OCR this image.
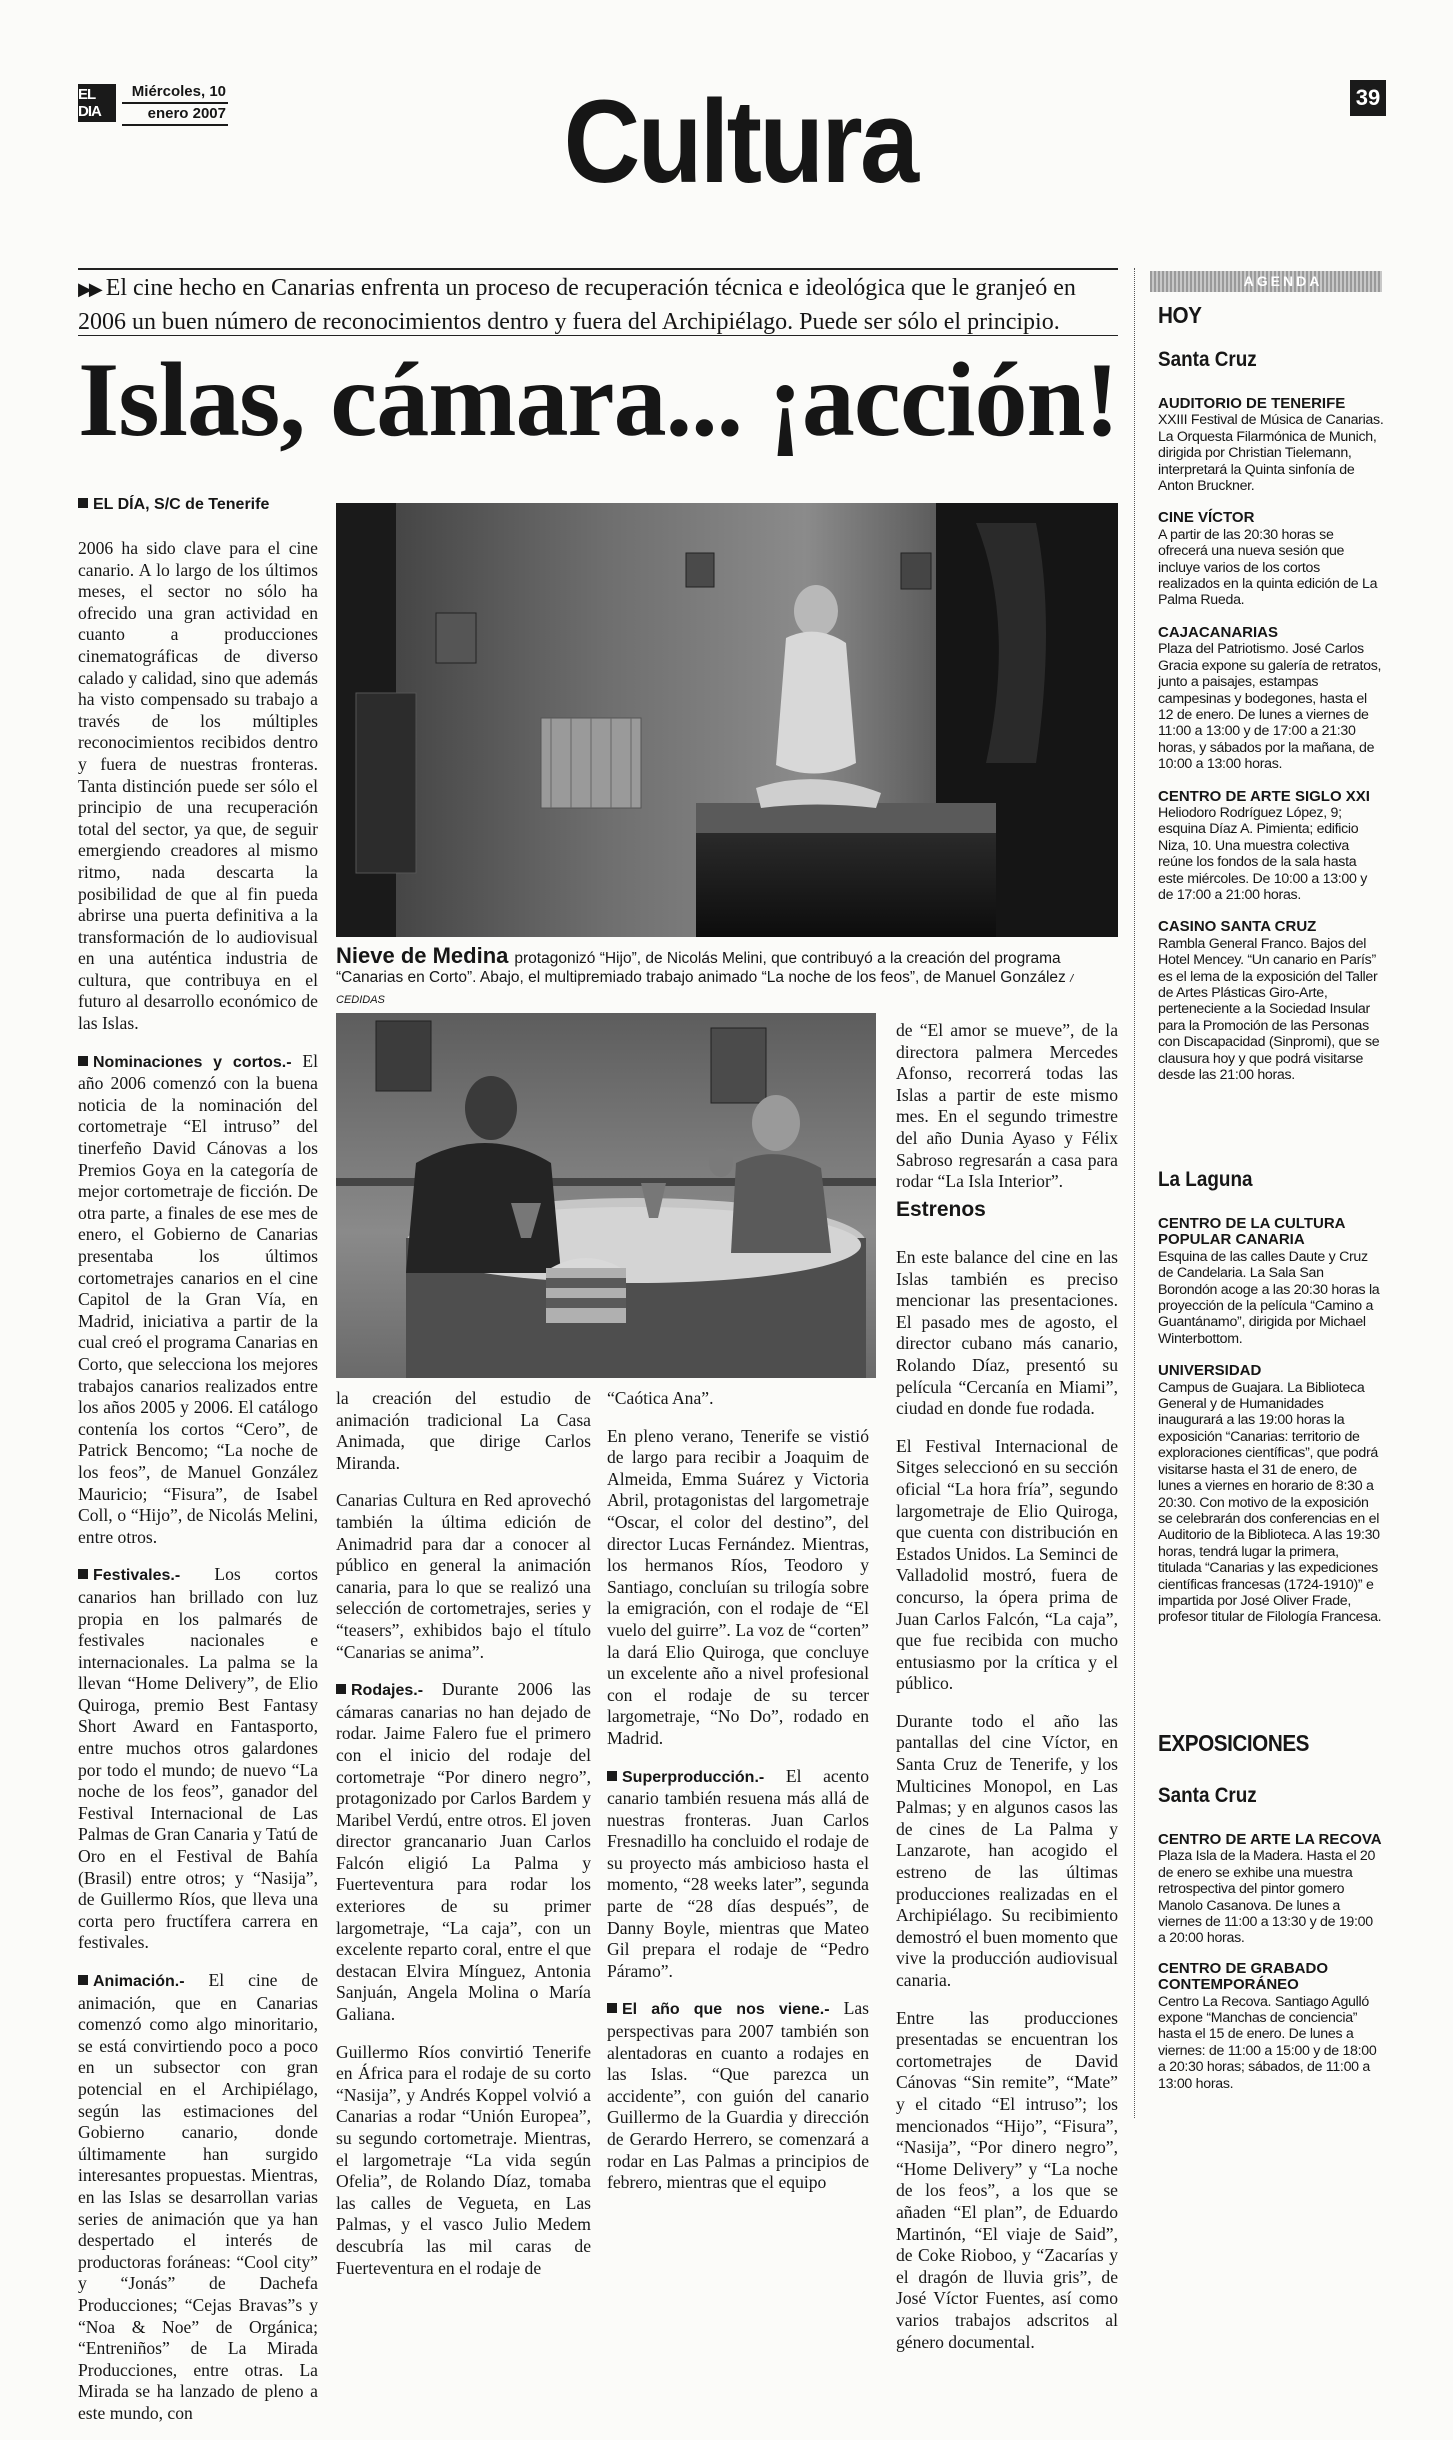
EL DIA
Miércoles, 10
enero 2007	Cultura	39
▶▶ El cine hecho en Canarias enfrenta un proceso de recuperación técnica e ideológica que le granjeó en 2006 un buen número de reconocimientos dentro y fuera del Archipiélago. Puede ser sólo el principio.
Islas, cámara... ¡acción!
EL DÍA, S/C de Tenerife

2006 ha sido clave para el cine canario. A lo largo de los últimos meses, el sector no sólo ha ofrecido una gran actividad en cuanto a producciones cinematográficas de diverso calado y calidad, sino que además ha visto compensado su trabajo a través de los múltiples reconocimientos recibidos dentro y fuera de nuestras fronteras. Tanta distinción puede ser sólo el principio de una recuperación total del sector, ya que, de seguir emergiendo creadores al mismo ritmo, nada descarta la posibilidad de que al fin pueda abrirse una puerta definitiva a la transformación de lo audiovisual en una auténtica industria de cultura, que contribuya en el futuro al desarrollo económico de las Islas.

Nominaciones y cortos.- El año 2006 comenzó con la buena noticia de la nominación del cortometraje “El intruso” del tinerfeño David Cánovas a los Premios Goya en la categoría de mejor cortometraje de ficción. De otra parte, a finales de ese mes de enero, el Gobierno de Canarias presentaba los últimos cortometrajes canarios en el cine Capitol de la Gran Vía, en Madrid, iniciativa a partir de la cual creó el programa Canarias en Corto, que selecciona los mejores trabajos canarios realizados entre los años 2005 y 2006. El catálogo contenía los cortos “Cero”, de Patrick Bencomo; “La noche de los feos”, de Manuel González Mauricio; “Fisura”, de Isabel Coll, o “Hijo”, de Nicolás Melini, entre otros.

Festivales.- Los cortos canarios han brillado con luz propia en los palmarés de festivales nacionales e internacionales. La palma se la llevan “Home Delivery”, de Elio Quiroga, premio Best Fantasy Short Award en Fantasporto, entre muchos otros galardones por todo el mundo; de nuevo “La noche de los feos”, ganador del Festival Internacional de Las Palmas de Gran Canaria y Tatú de Oro en el Festival de Bahía (Brasil) entre otros; y “Nasija”, de Guillermo Ríos, que lleva una corta pero fructífera carrera en festivales.

Animación.- El cine de animación, que en Canarias comenzó como algo minoritario, se está convirtiendo poco a poco en un subsector con gran potencial en el Archipiélago, según las estimaciones del Gobierno canario, donde últimamente han surgido interesantes propuestas. Mientras, en las Islas se desarrollan varias series de animación que ya han despertado el interés de productoras foráneas: “Cool city” y “Jonás” de Dachefa Producciones; “Cejas Bravas”s y “Noa & Noe” de Orgánica; “Entreniños” de La Mirada Producciones, entre otras. La Mirada se ha lanzado de pleno a este mundo, con

Nieve de Medina protagonizó “Hijo”, de Nicolás Melini, que contribuyó a la creación del programa “Canarias en Corto”. Abajo, el multipremiado trabajo animado “La noche de los feos”, de Manuel González / CEDIDAS

la creación del estudio de animación tradicional La Casa Animada, que dirige Carlos Miranda.

Canarias Cultura en Red aprovechó también la última edición de Animadrid para dar a conocer al público en general la animación canaria, para lo que se realizó una selección de cortometrajes, series y “teasers”, exhibidos bajo el título “Canarias se anima”.

Rodajes.- Durante 2006 las cámaras canarias no han dejado de rodar. Jaime Falero fue el primero con el inicio del rodaje del cortometraje “Por dinero negro”, protagonizado por Carlos Bardem y Maribel Verdú, entre otros. El joven director grancanario Juan Carlos Falcón eligió La Palma y Fuerteventura para rodar los exteriores de su primer largometraje, “La caja”, con un excelente reparto coral, entre el que destacan Elvira Mínguez, Antonia Sanjuán, Angela Molina o María Galiana.

Guillermo Ríos convirtió Tenerife en África para el rodaje de su corto “Nasija”, y Andrés Koppel volvió a Canarias a rodar “Unión Europea”, su segundo cortometraje. Mientras, el largometraje “La vida según Ofelia”, de Rolando Díaz, tomaba las calles de Vegueta, en Las Palmas, y el vasco Julio Medem descubría las mil caras de Fuerteventura en el rodaje de

“Caótica Ana”.

En pleno verano, Tenerife se vistió de largo para recibir a Joaquim de Almeida, Emma Suárez y Victoria Abril, protagonistas del largometraje “Oscar, el color del destino”, del director Lucas Fernández. Mientras, los hermanos Ríos, Teodoro y Santiago, concluían su trilogía sobre la emigración, con el rodaje de “El vuelo del guirre”. La voz de “corten” la dará Elio Quiroga, que concluye un excelente año a nivel profesional con el rodaje de su tercer largometraje, “No Do”, rodado en Madrid.

Superproducción.- El acento canario también resuena más allá de nuestras fronteras. Juan Carlos Fresnadillo ha concluido el rodaje de su proyecto más ambicioso hasta el momento, “28 weeks later”, segunda parte de “28 días después”, de Danny Boyle, mientras que Mateo Gil prepara el rodaje de “Pedro Páramo”.

El año que nos viene.- Las perspectivas para 2007 también son alentadoras en cuanto a rodajes en las Islas. “Que parezca un accidente”, con guión del canario Guillermo de la Guardia y dirección de Gerardo Herrero, se comenzará a rodar en Las Palmas a principios de febrero, mientras que el equipo

de “El amor se mueve”, de la directora palmera Mercedes Afonso, recorrerá todas las Islas a partir de este mismo mes. En el segundo trimestre del año Dunia Ayaso y Félix Sabroso regresarán a casa para rodar “La Isla Interior”.

Estrenos

En este balance del cine en las Islas también es preciso mencionar las presentaciones. El pasado mes de agosto, el director cubano más canario, Rolando Díaz, presentó su película “Cercanía en Miami”, ciudad en donde fue rodada.

El Festival Internacional de Sitges seleccionó en su sección oficial “La hora fría”, segundo largometraje de Elio Quiroga, que cuenta con distribución en Estados Unidos. La Seminci de Valladolid mostró, fuera de concurso, la ópera prima de Juan Carlos Falcón, “La caja”, que fue recibida con mucho entusiasmo por la crítica y el público.

Durante todo el año las pantallas del cine Víctor, en Santa Cruz de Tenerife, y los Multicines Monopol, en Las Palmas; y en algunos casos las de cines de La Palma y Lanzarote, han acogido el estreno de las últimas producciones realizadas en el Archipiélago. Su recibimiento demostró el buen momento que vive la producción audiovisual canaria.

Entre las producciones presentadas se encuentran los cortometrajes de David Cánovas “Sin remite”, “Mate” y el citado “El intruso”; los mencionados “Hijo”, “Fisura”, “Nasija”, “Por dinero negro”, “Home Delivery” y “La noche de los feos”, a los que se añaden “El plan”, de Eduardo Martinón, “El viaje de Said”, de Coke Rioboo, y “Zacarías y el dragón de lluvia gris”, de José Víctor Fuentes, así como varios trabajos adscritos al género documental.

AGENDA
HOY
Santa Cruz
AUDITORIO DE TENERIFE
XXIII Festival de Música de Canarias. La Orquesta Filarmónica de Munich, dirigida por Christian Tielemann, interpretará la Quinta sinfonía de Anton Bruckner.
CINE VÍCTOR
A partir de las 20:30 horas se ofrecerá una nueva sesión que incluye varios de los cortos realizados en la quinta edición de La Palma Rueda.
CAJACANARIAS
Plaza del Patriotismo. José Carlos Gracia expone su galería de retratos, junto a paisajes, estampas campesinas y bodegones, hasta el 12 de enero. De lunes a viernes de 11:00 a 13:00 y de 17:00 a 21:30 horas, y sábados por la mañana, de 10:00 a 13:00 horas.
CENTRO DE ARTE SIGLO XXI
Heliodoro Rodríguez López, 9; esquina Díaz A. Pimienta; edificio Niza, 10. Una muestra colectiva reúne los fondos de la sala hasta este miércoles. De 10:00 a 13:00 y de 17:00 a 21:00 horas.
CASINO SANTA CRUZ
Rambla General Franco. Bajos del Hotel Mencey. “Un canario en París” es el lema de la exposición del Taller de Artes Plásticas Giro-Arte, perteneciente a la Sociedad Insular para la Promoción de las Personas con Discapacidad (Sinpromi), que se clausura hoy y que podrá visitarse desde las 21:00 horas.
La Laguna
CENTRO DE LA CULTURA POPULAR CANARIA
Esquina de las calles Daute y Cruz de Candelaria. La Sala San Borondón acoge a las 20:30 horas la proyección de la película “Camino a Guantánamo”, dirigida por Michael Winterbottom.
UNIVERSIDAD
Campus de Guajara. La Biblioteca General y de Humanidades inaugurará a las 19:00 horas la exposición “Canarias: territorio de exploraciones científicas”, que podrá visitarse hasta el 31 de enero, de lunes a viernes en horario de 8:30 a 20:30. Con motivo de la exposición se celebrarán dos conferencias en el Auditorio de la Biblioteca. A las 19:30 horas, tendrá lugar la primera, titulada “Canarias y las expediciones científicas francesas (1724-1910)” e impartida por José Oliver Frade, profesor titular de Filología Francesa.
EXPOSICIONES
Santa Cruz
CENTRO DE ARTE LA RECOVA
Plaza Isla de la Madera. Hasta el 20 de enero se exhibe una muestra retrospectiva del pintor gomero Manolo Casanova. De lunes a viernes de 11:00 a 13:30 y de 19:00 a 20:00 horas.
CENTRO DE GRABADO CONTEMPORÁNEO
Centro La Recova. Santiago Agulló expone “Manchas de conciencia” hasta el 15 de enero. De lunes a viernes: de 11:00 a 15:00 y de 18:00 a 20:30 horas; sábados, de 11:00 a 13:00 horas.
